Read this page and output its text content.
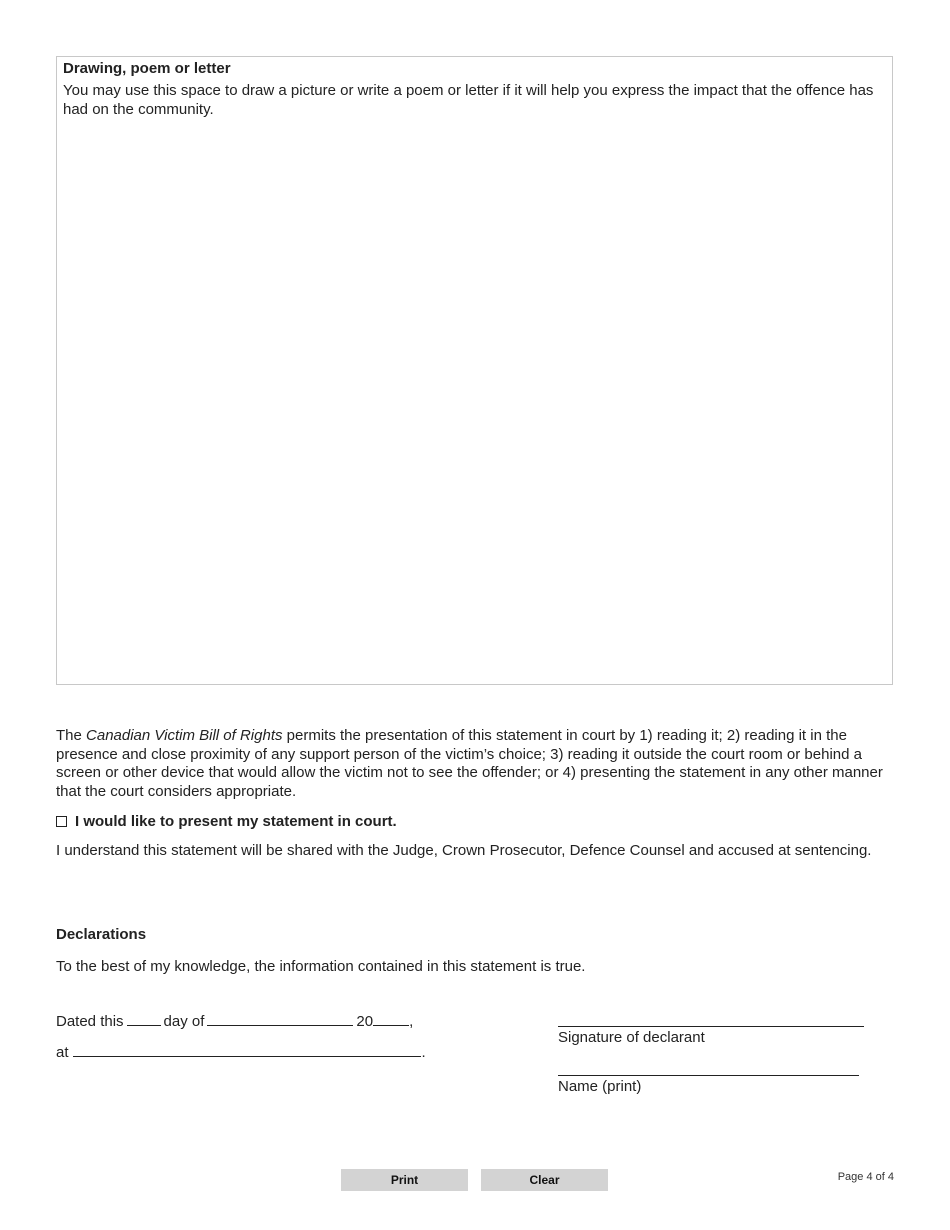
Drawing, poem or letter
You may use this space to draw a picture or write a poem or letter if it will help you express the impact that the offence has had on the community.
The Canadian Victim Bill of Rights permits the presentation of this statement in court by 1) reading it; 2) reading it in the presence and close proximity of any support person of the victim’s choice; 3) reading it outside the court room or behind a screen or other device that would allow the victim not to see the offender; or 4) presenting the statement in any other manner that the court considers appropriate.
I would like to present my statement in court.
I understand this statement will be shared with the Judge, Crown Prosecutor, Defence Counsel and accused at sentencing.
Declarations
To the best of my knowledge, the information contained in this statement is true.
Dated this	day of	20 ,
at	.
Signature of declarant
Name (print)
Print	Clear	Page 4 of 4
